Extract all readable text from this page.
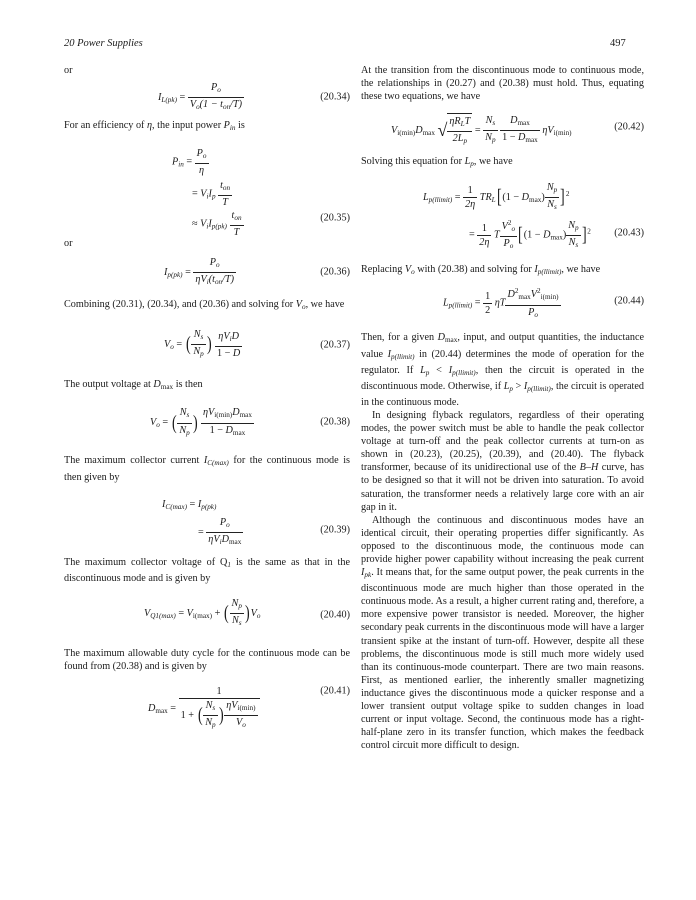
20 Power Supplies	497

or

$I_{L(pk)} = \frac{P_o}{V_o(1 - t_{on}/T)}$	(20.34)

For an efficiency of η, the input power $P_{in}$ is

$P_{in} = \frac{P_o}{\eta}$
= $V_iI_p \frac{t_{on}}{T}$
≈ $V_iI_{p(pk)} \frac{t_{on}}{T}$	(20.35)

or

$I_{p(pk)} = \frac{P_o}{\eta V_i(t_{on}/T)}$	(20.36)

Combining (20.31), (20.34), and (20.36) and solving for $V_o$, we have

$V_o$ = ( $\frac{N_s}{N_p}$ ) $\frac{\eta V_iD}{1 - D}$	(20.37)

The output voltage at $D_{max}$ is then

$V_o$ = ( $\frac{N_s}{N_p}$ ) $\frac{\eta V_{i(min)}D_{max}}{1 - D_{max}}$	(20.38)

The maximum collector current $I_{C(max)}$ for the continuous mode is then given by

$I_{C(max)} = I_{p(pk)}$
= $\frac{P_o}{\eta V_iD_{max}}$	(20.39)

The maximum collector voltage of $Q_1$ is the same as that in the discontinuous mode and is given by

$V_{Q1(max)} = V_{i(max)}$ + ( $\frac{N_p}{N_s} )V_o$	(20.40)

The maximum allowable duty cycle for the continuous mode can be found from (20.38) and is given by

$D_{max} = \frac{1}{1 + ( \frac{N_s}{N_p} ) \frac{\eta V_{i(min)}}{V_o}}$	(20.41)

At the transition from the discontinuous mode to continuous mode, the relationships in (20.27) and (20.38) must hold. Thus, equating these two equations, we have

$V_{i(min)}D_{max}$ √ $\frac{\eta R_LT}{2L_p} = \frac{N_s}{N_p}$
$\frac{D_{max}}{1 - D_{max}} \eta V_{i(min)}$
(20.42)

Solving this equation for $L_p$, we have

$L_{p(llimit)} = \frac{1}{2\eta} TR_L[(1 - D_{max}) \frac{N_p}{N_s} ]^2$
= $\frac{1}{2\eta}$ T $\frac{V^2_o}{P_o} [(1 - D_{max}) \frac{N_p}{N_s} ]^2$ (20.43)

Replacing $V_o$ with (20.38) and solving for $I_{p(llimit)}$, we have

$L_{p(llimit)} = \frac{1}{2}$ ηT $\frac{D^2_{max}V^2_{i(min)}}{P_o}$	(20.44)

Then, for a given $D_{max}$, input, and output quantities, the inductance value $I_{p(llimit)}$ in (20.44) determines the mode of operation for the regulator. If $L_p < I_{p(llimit)}$, then the circuit is operated in the discontinuous mode. Otherwise, if $L_p > I_{p(llimit)}$, the circuit is operated in the continuous mode.

In designing flyback regulators, regardless of their operating modes, the power switch must be able to handle the peak collector voltage at turn-off and the peak collector currents at turn-on as shown in (20.23), (20.25), (20.39), and (20.40). The flyback transformer, because of its unidirectional use of the B–H curve, has to be designed so that it will not be driven into saturation. To avoid saturation, the transformer needs a relatively large core with an air gap in it.

Although the continuous and discontinuous modes have an identical circuit, their operating properties differ significantly. As opposed to the discontinuous mode, the continuous mode can provide higher power capability without increasing the peak current $I_{pk}$. It means that, for the same output power, the peak currents in the discontinuous mode are much higher than those operated in the continuous mode. As a result, a higher current rating and, therefore, a more expensive power transistor is needed. Moreover, the higher secondary peak currents in the discontinuous mode will have a larger transient spike at the instant of turn-off. However, despite all these problems, the discontinuous mode is still much more widely used than its continuous-mode counterpart. There are two main reasons. First, as mentioned earlier, the inherently smaller magnetizing inductance gives the discontinuous mode a quicker response and a lower transient output voltage spike to sudden changes in load current or input voltage. Second, the continuous mode has a right-half-plane zero in its transfer function, which makes the feedback control circuit more difficult to design.
